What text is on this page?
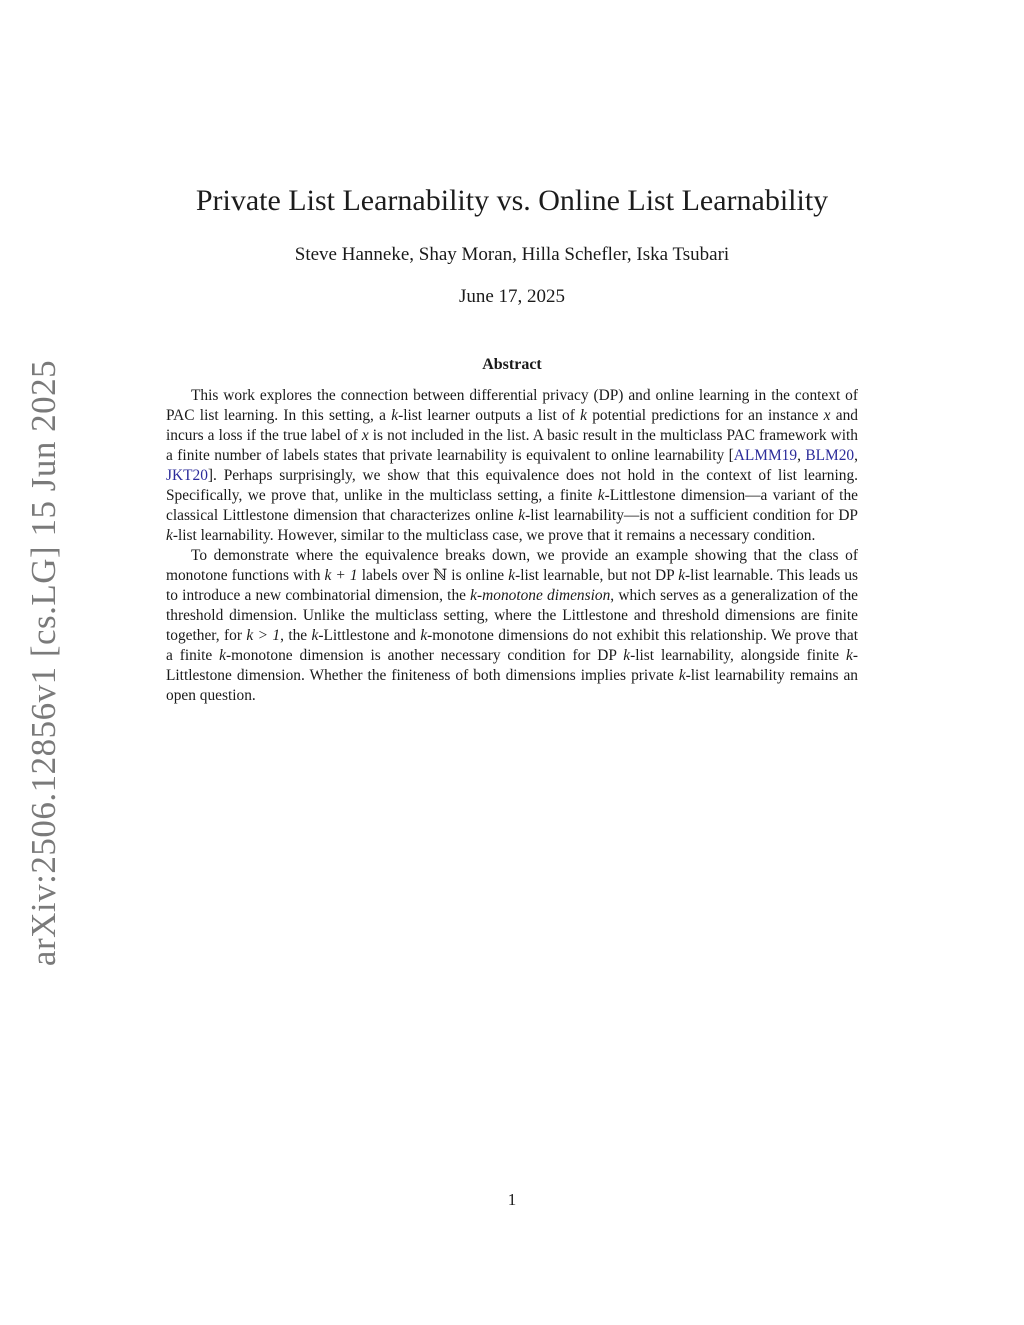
arXiv:2506.12856v1 [cs.LG] 15 Jun 2025
Private List Learnability vs. Online List Learnability
Steve Hanneke, Shay Moran, Hilla Schefler, Iska Tsubari
June 17, 2025
Abstract

This work explores the connection between differential privacy (DP) and online learning in the context of PAC list learning. In this setting, a k-list learner outputs a list of k potential predictions for an instance x and incurs a loss if the true label of x is not included in the list. A basic result in the multiclass PAC framework with a finite number of labels states that private learnability is equivalent to online learnability [ALMM19, BLM20, JKT20]. Perhaps surprisingly, we show that this equivalence does not hold in the context of list learning. Specifically, we prove that, unlike in the multiclass setting, a finite k-Littlestone dimension—a variant of the classical Littlestone dimension that characterizes online k-list learnability—is not a sufficient condition for DP k-list learnability. However, similar to the multiclass case, we prove that it remains a necessary condition.

To demonstrate where the equivalence breaks down, we provide an example showing that the class of monotone functions with k + 1 labels over ℕ is online k-list learnable, but not DP k-list learnable. This leads us to introduce a new combinatorial dimension, the k-monotone dimension, which serves as a generalization of the threshold dimension. Unlike the multiclass setting, where the Littlestone and threshold dimensions are finite together, for k > 1, the k-Littlestone and k-monotone dimensions do not exhibit this relationship. We prove that a finite k-monotone dimension is another necessary condition for DP k-list learnability, alongside finite k-Littlestone dimension. Whether the finiteness of both dimensions implies private k-list learnability remains an open question.

1
